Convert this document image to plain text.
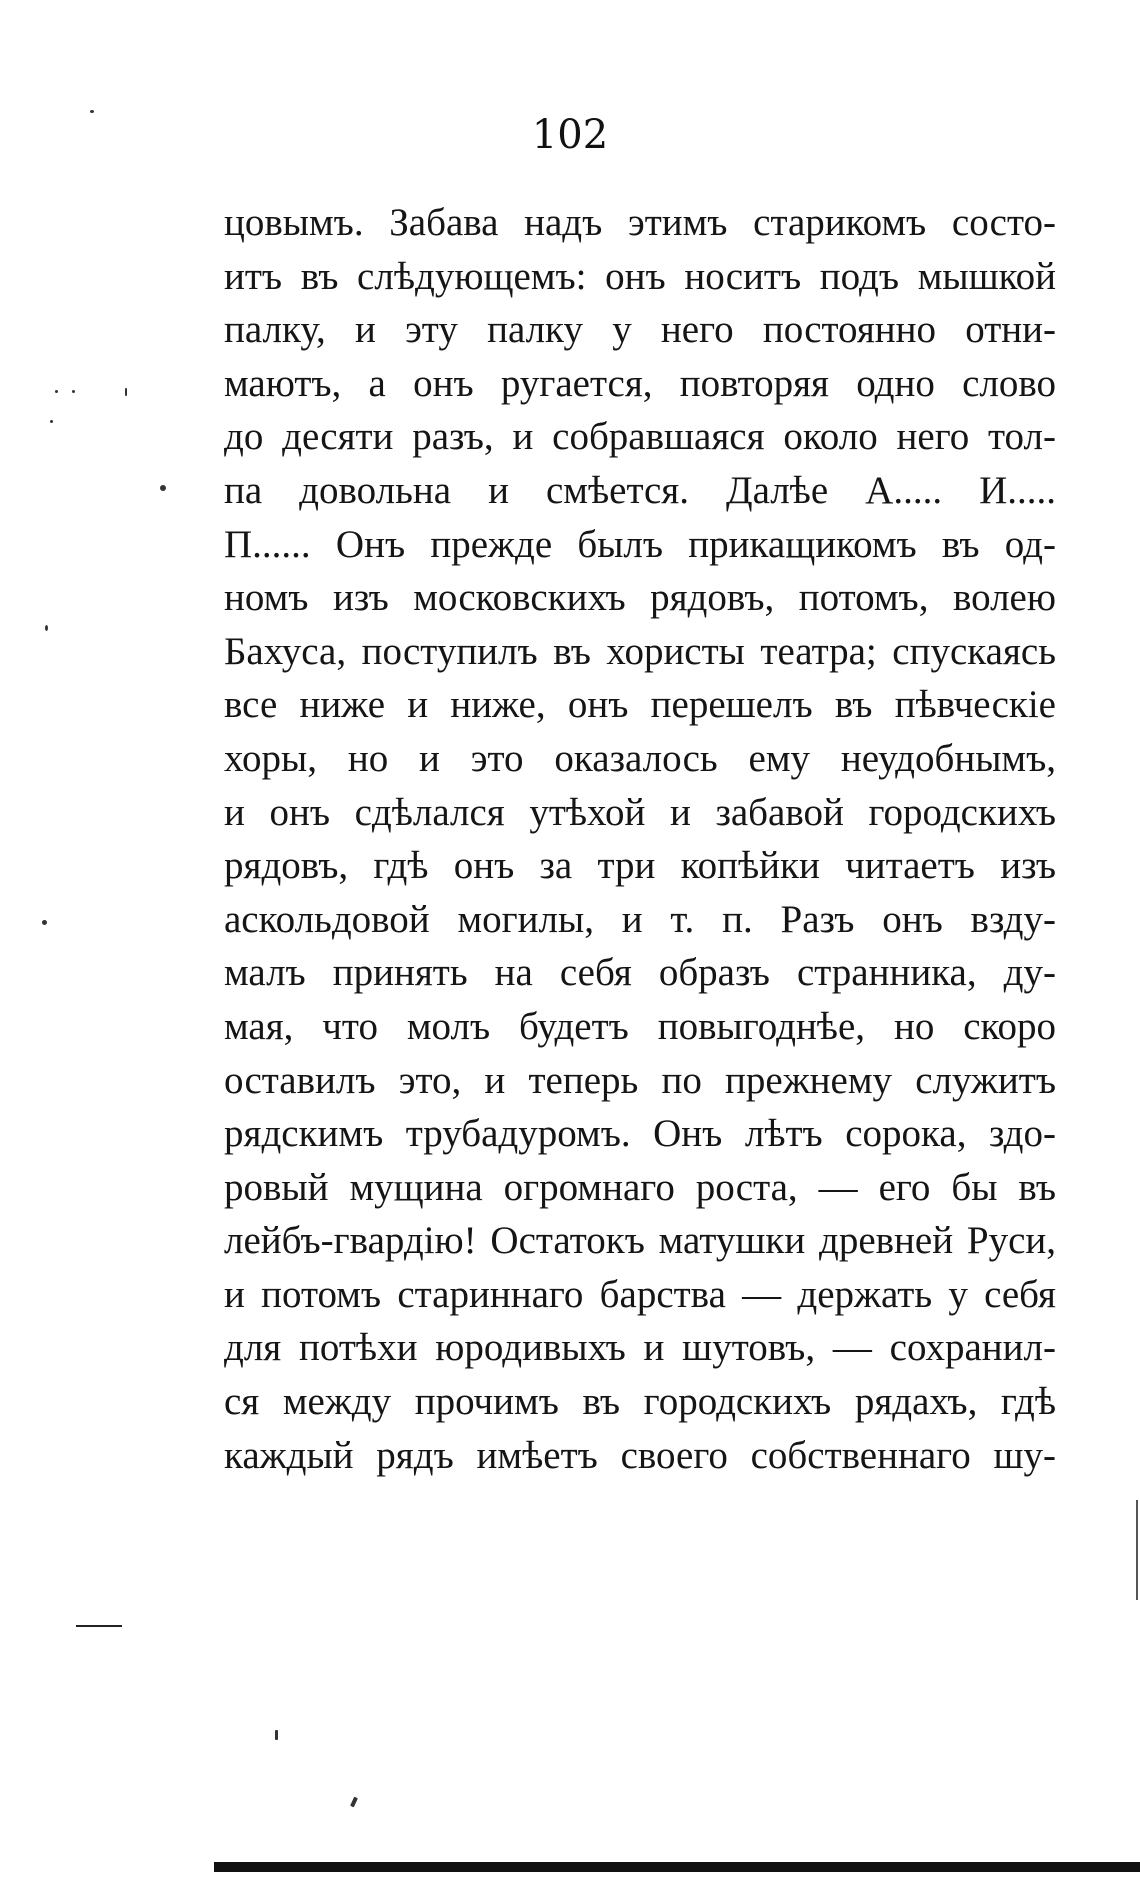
102
цовымъ. Забава надъ этимъ старикомъ состо-
итъ въ слѣдующемъ: онъ носитъ подъ мышкой
палку, и эту палку у него постоянно отни-
маютъ, а онъ ругается, повторяя одно слово
до десяти разъ, и собравшаяся около него тол-
па довольна и смѣется. Далѣе А..... И.....
П...... Онъ прежде былъ прикащикомъ въ од-
номъ изъ московскихъ рядовъ, потомъ, волею
Бахуса, поступилъ въ хористы театра; спускаясь
все ниже и ниже, онъ перешелъ въ пѣвческіе
хоры, но и это оказалось ему неудобнымъ,
и онъ сдѣлался утѣхой и забавой городскихъ
рядовъ, гдѣ онъ за три копѣйки читаетъ изъ
аскольдовой могилы, и т. п. Разъ онъ взду-
малъ принять на себя образъ странника, ду-
мая, что молъ будетъ повыгоднѣе, но скоро
оставилъ это, и теперь по прежнему служитъ
рядскимъ трубадуромъ. Онъ лѣтъ сорока, здо-
ровый мущина огромнаго роста, — его бы въ
лейбъ-гвардію! Остатокъ матушки древней Руси,
и потомъ стариннаго барства — держать у себя
для потѣхи юродивыхъ и шутовъ, — сохранил-
ся между прочимъ въ городскихъ рядахъ, гдѣ
каждый рядъ имѣетъ своего собственнаго шу-
